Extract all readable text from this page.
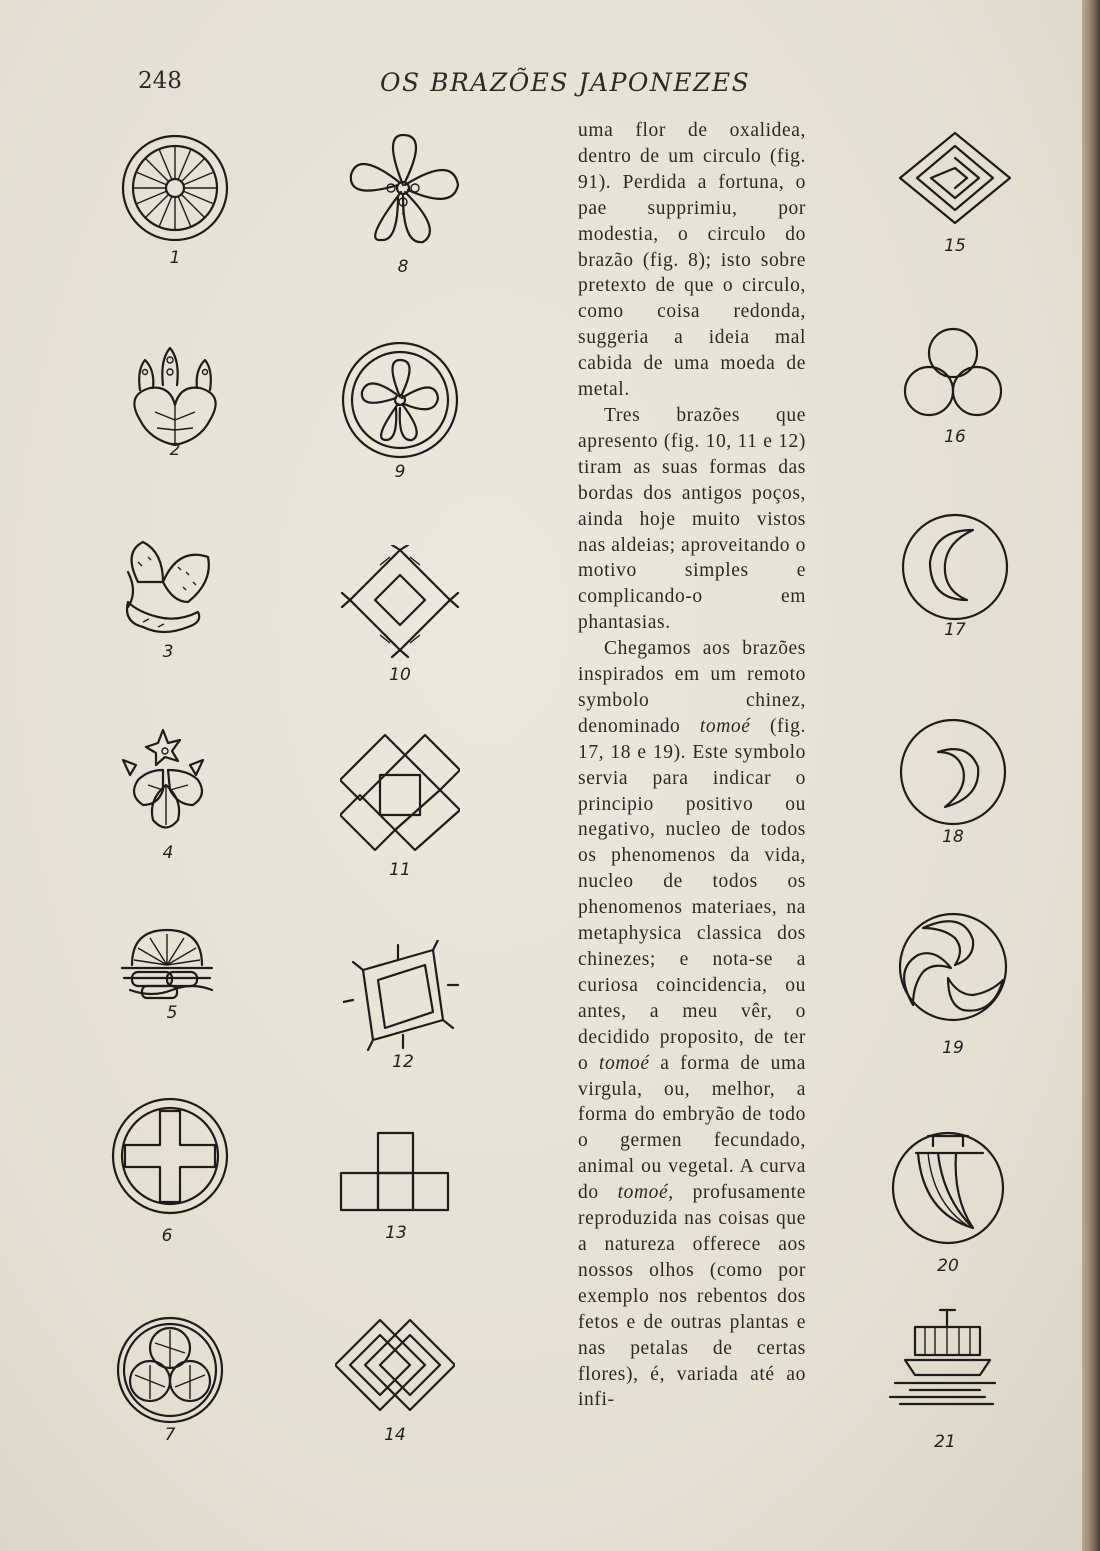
248	OS BRAZÕES JAPONEZES
1
2
3
4
5
6
7
8
9
10
11
12
13
14

uma flor de oxalidea, dentro de um circulo (fig. 91). Perdida a fortuna, o pae supprimiu, por modestia, o circulo do brazão (fig. 8); isto sobre pretexto de que o circulo, como coisa redonda, suggeria a ideia mal cabida de uma moeda de metal.

Tres brazões que apresento (fig. 10, 11 e 12) tiram as suas formas das bordas dos antigos poços, ainda hoje muito vistos nas aldeias; aproveitando o motivo simples e complicando-o em phantasias.

Chegamos aos brazões inspirados em um remoto symbolo chinez, denominado tomoé (fig. 17, 18 e 19). Este symbolo servia para indicar o principio positivo ou negativo, nucleo de todos os phenomenos da vida, nucleo de todos os phenomenos materiaes, na metaphysica classica dos chinezes; e nota-se a curiosa coincidencia, ou antes, a meu vêr, o decidido proposito, de ter o tomoé a forma de uma virgula, ou, melhor, a forma do embryão de todo o germen fecundado, animal ou vegetal. A curva do tomoé, profusamente reproduzida nas coisas que a natureza offerece aos nossos olhos (como por exemplo nos rebentos dos fetos e de outras plantas e nas petalas de certas flores), é, variada até ao infi-

15
16
17
18
19
20
21
